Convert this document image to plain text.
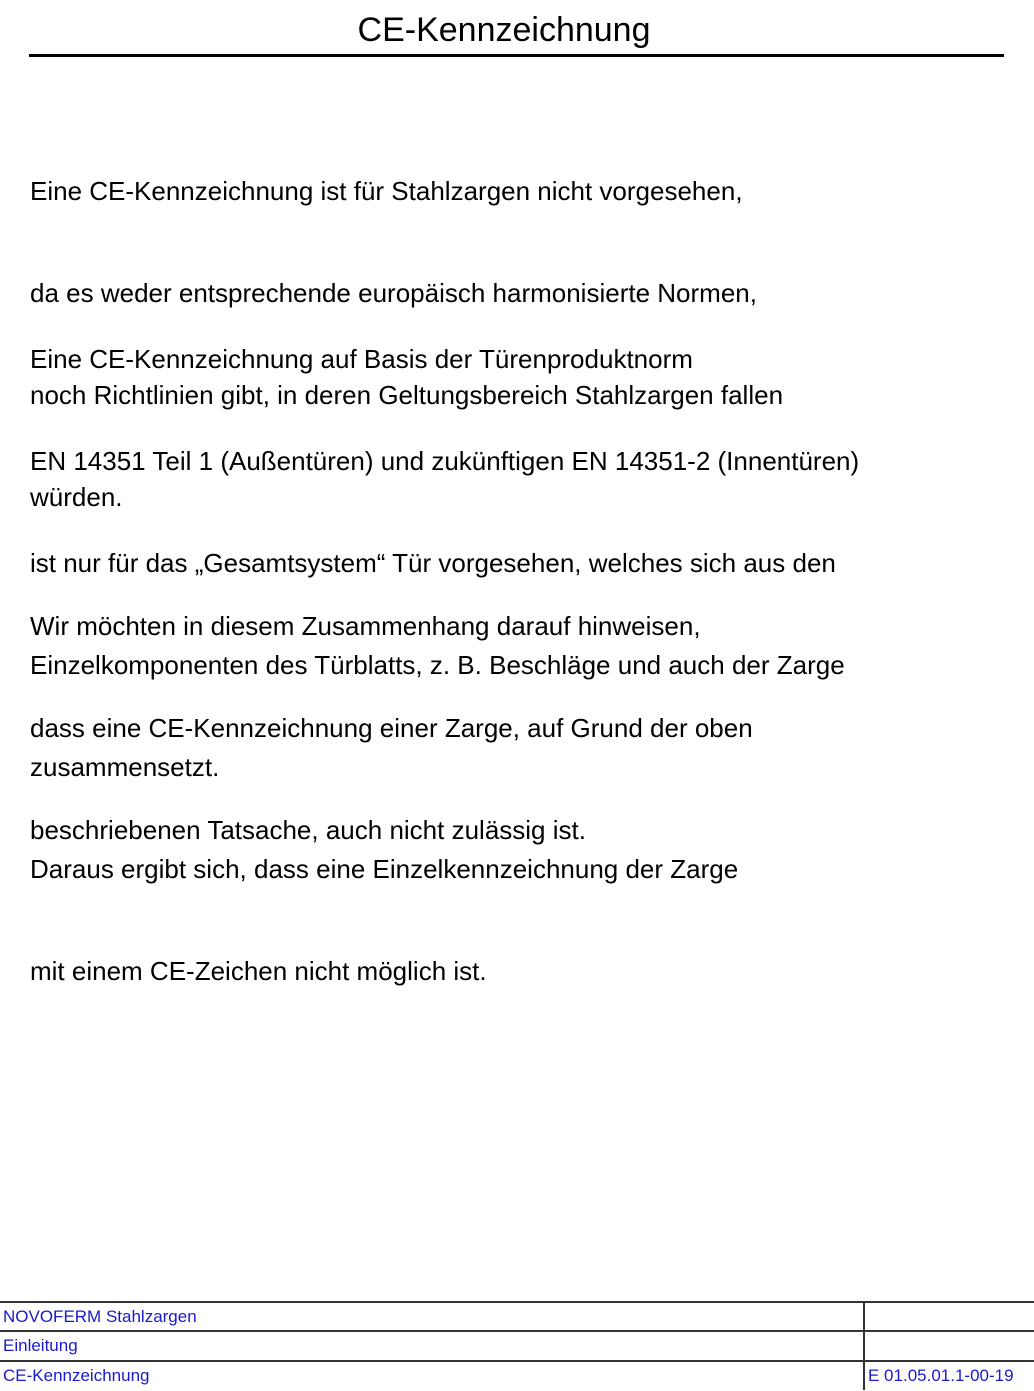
CE-Kennzeichnung

Eine CE-Kennzeichnung ist für Stahlzargen nicht vorgesehen,

da es weder entsprechende europäisch harmonisierte Normen,

noch Richtlinien gibt, in deren Geltungsbereich Stahlzargen fallen

würden.

Eine CE-Kennzeichnung auf Basis der Türenproduktnorm

EN 14351 Teil 1 (Außentüren) und zukünftigen EN 14351-2 (Innentüren)

ist nur für das „Gesamtsystem“ Tür vorgesehen, welches sich aus den

Einzelkomponenten des Türblatts, z. B. Beschläge und auch der Zarge

zusammensetzt.

Daraus ergibt sich, dass eine Einzelkennzeichnung der Zarge

mit einem CE-Zeichen nicht möglich ist.

Wir möchten in diesem Zusammenhang darauf hinweisen,

dass eine CE-Kennzeichnung einer Zarge, auf Grund der oben

beschriebenen Tatsache, auch nicht zulässig ist.

NOVOFERM Stahlzargen
Einleitung
CE-Kennzeichnung	E 01.05.01.1-00-19
